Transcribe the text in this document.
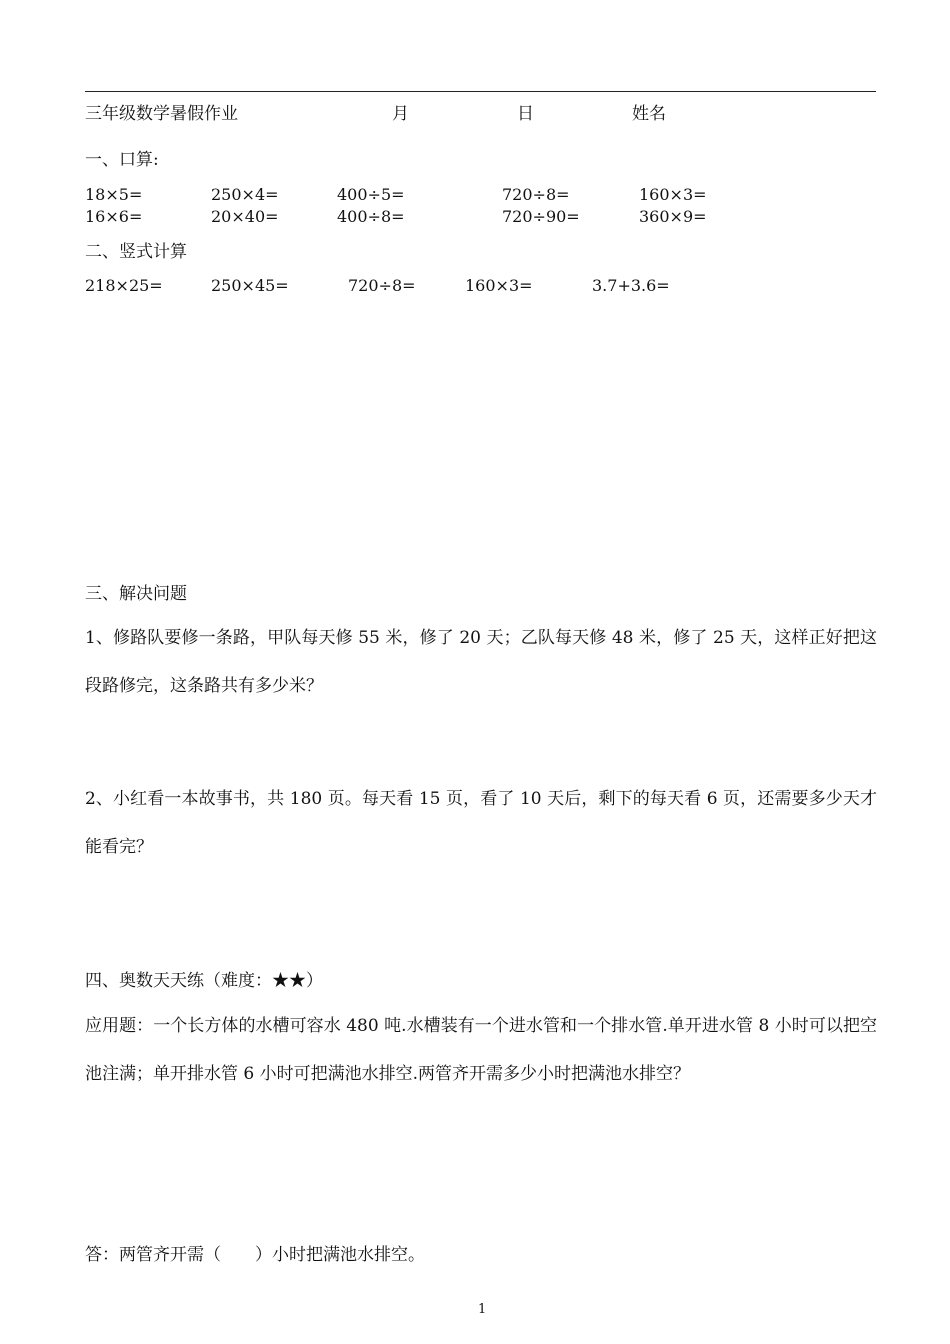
三年级数学暑假作业	月	日	姓名
一、口算:
18×5=	250×4=	400÷5=	720÷8=	160×3=
16×6=	20×40=	400÷8=	720÷90=	360×9=
二、竖式计算
218×25=	250×45=	720÷8=	160×3=	3.7+3.6=
三、解决问题
1、修路队要修一条路，甲队每天修 55 米，修了 20 天；乙队每天修 48 米，修了 25 天，这样正好把这段路修完，这条路共有多少米？
2、小红看一本故事书，共 180 页。每天看 15 页，看了 10 天后，剩下的每天看 6 页，还需要多少天才能看完？
四、奥数天天练（难度：★★）
应用题：一个长方体的水槽可容水 480 吨.水槽装有一个进水管和一个排水管.单开进水管 8 小时可以把空池注满；单开排水管 6 小时可把满池水排空.两管齐开需多少小时把满池水排空？
答：两管齐开需（　　）小时把满池水排空。
1
